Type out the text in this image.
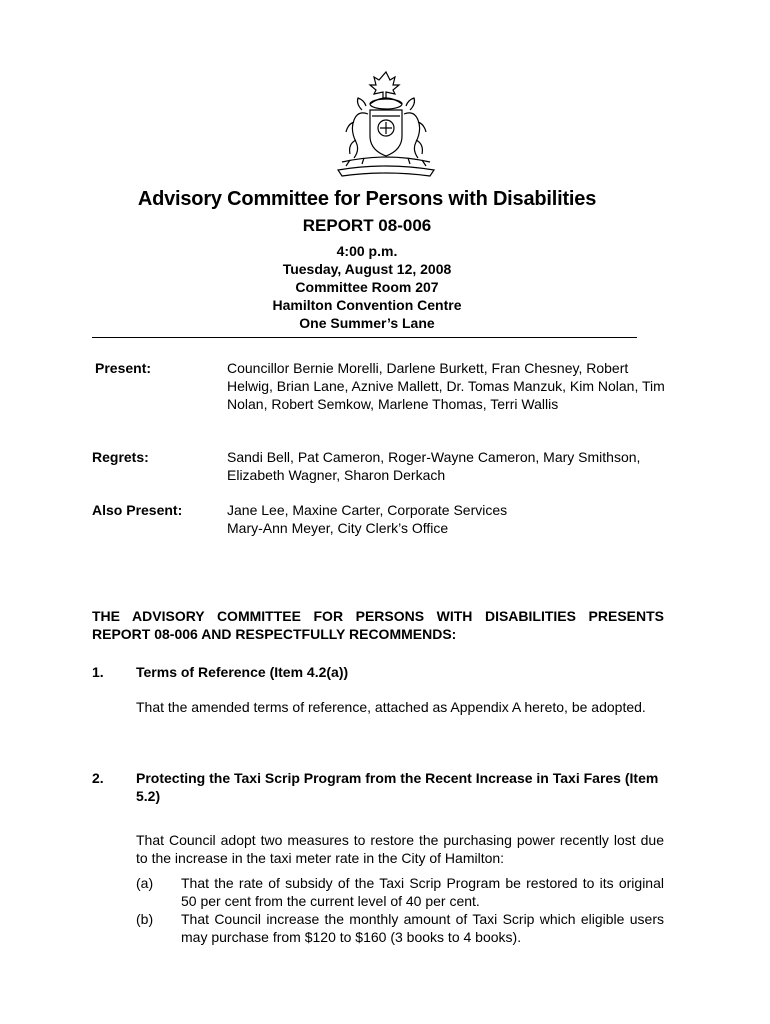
Advisory Committee for Persons with Disabilities
REPORT 08-006
4:00 p.m.
Tuesday, August 12, 2008
Committee Room 207
Hamilton Convention Centre
One Summer’s Lane
Present:	Councillor Bernie Morelli, Darlene Burkett, Fran Chesney, Robert Helwig, Brian Lane, Aznive Mallett, Dr. Tomas Manzuk, Kim Nolan, Tim Nolan, Robert Semkow, Marlene Thomas, Terri Wallis
Regrets:	Sandi Bell, Pat Cameron, Roger-Wayne Cameron, Mary Smithson, Elizabeth Wagner, Sharon Derkach
Also Present:	Jane Lee, Maxine Carter, Corporate Services
Mary-Ann Meyer, City Clerk’s Office
THE ADVISORY COMMITTEE FOR PERSONS WITH DISABILITIES PRESENTS REPORT 08-006 AND RESPECTFULLY RECOMMENDS:
1. Terms of Reference (Item 4.2(a))
That the amended terms of reference, attached as Appendix A hereto, be adopted.
2. Protecting the Taxi Scrip Program from the Recent Increase in Taxi Fares (Item 5.2)
That Council adopt two measures to restore the purchasing power recently lost due to the increase in the taxi meter rate in the City of Hamilton:
(a) That the rate of subsidy of the Taxi Scrip Program be restored to its original 50 per cent from the current level of 40 per cent.
(b) That Council increase the monthly amount of Taxi Scrip which eligible users may purchase from $120 to $160 (3 books to 4 books).
